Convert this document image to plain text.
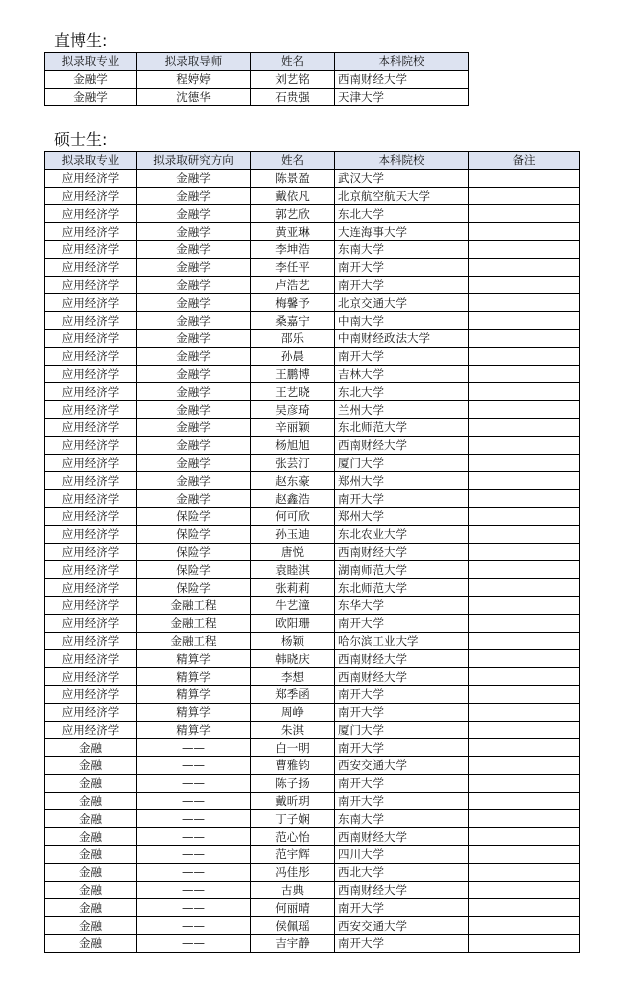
直博生:
拟录取专业	拟录取导师	姓名	本科院校
金融学	程婷婷	刘艺铭	西南财经大学
金融学	沈德华	石贵强	天津大学
硕士生:
拟录取专业	拟录取研究方向	姓名	本科院校	备注
应用经济学	金融学	陈景盈	武汉大学	
应用经济学	金融学	戴依凡	北京航空航天大学	
应用经济学	金融学	郭艺欣	东北大学	
应用经济学	金融学	黄亚琳	大连海事大学	
应用经济学	金融学	李坤浩	东南大学	
应用经济学	金融学	李任平	南开大学	
应用经济学	金融学	卢浩艺	南开大学	
应用经济学	金融学	梅馨予	北京交通大学	
应用经济学	金融学	桑嘉宁	中南大学	
应用经济学	金融学	邵乐	中南财经政法大学	
应用经济学	金融学	孙晨	南开大学	
应用经济学	金融学	王鹏博	吉林大学	
应用经济学	金融学	王艺晓	东北大学	
应用经济学	金融学	吴彦琦	兰州大学	
应用经济学	金融学	辛丽颖	东北师范大学	
应用经济学	金融学	杨旭旭	西南财经大学	
应用经济学	金融学	张芸汀	厦门大学	
应用经济学	金融学	赵东豪	郑州大学	
应用经济学	金融学	赵鑫浩	南开大学	
应用经济学	保险学	何可欣	郑州大学	
应用经济学	保险学	孙玉迪	东北农业大学	
应用经济学	保险学	唐悦	西南财经大学	
应用经济学	保险学	袁睦淇	湖南师范大学	
应用经济学	保险学	张莉莉	东北师范大学	
应用经济学	金融工程	牛艺潼	东华大学	
应用经济学	金融工程	欧阳珊	南开大学	
应用经济学	金融工程	杨颖	哈尔滨工业大学	
应用经济学	精算学	韩晓庆	西南财经大学	
应用经济学	精算学	李想	西南财经大学	
应用经济学	精算学	郑季函	南开大学	
应用经济学	精算学	周峥	南开大学	
应用经济学	精算学	朱淇	厦门大学	
金融	——	白一明	南开大学	
金融	——	曹雅钧	西安交通大学	
金融	——	陈子扬	南开大学	
金融	——	戴昕玥	南开大学	
金融	——	丁子娴	东南大学	
金融	——	范心怡	西南财经大学	
金融	——	范宇辉	四川大学	
金融	——	冯佳彤	西北大学	
金融	——	古典	西南财经大学	
金融	——	何丽晴	南开大学	
金融	——	侯佩瑶	西安交通大学	
金融	——	吉宇静	南开大学	
